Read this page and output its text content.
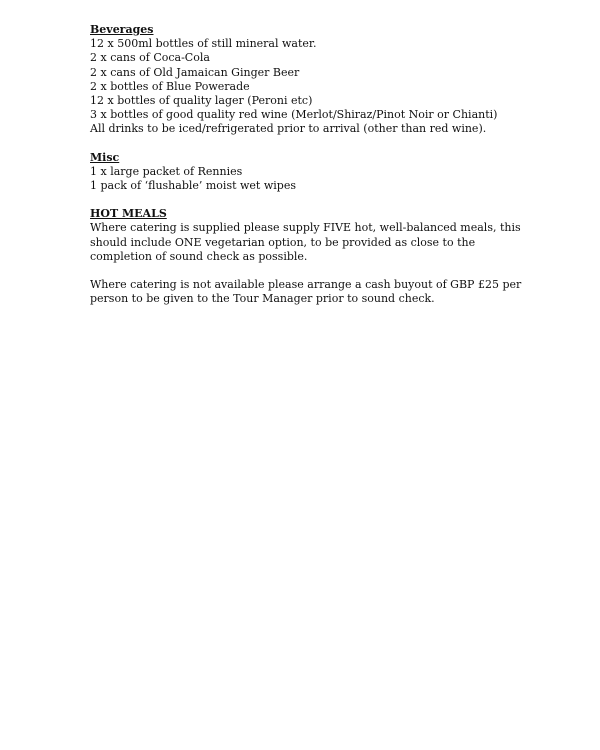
Beverages
12 x 500ml bottles of still mineral water.
2 x cans of Coca-Cola
2 x cans of Old Jamaican Ginger Beer
2 x bottles of Blue Powerade
12 x bottles of quality lager (Peroni etc)
3 x bottles of good quality red wine (Merlot/Shiraz/Pinot Noir or Chianti)
All drinks to be iced/refrigerated prior to arrival (other than red wine).
Misc
1 x large packet of Rennies
1 pack of ‘flushable’ moist wet wipes
HOT MEALS

Where catering is supplied please supply FIVE hot, well-balanced meals, this should include ONE vegetarian option, to be provided as close to the completion of sound check as possible.

Where catering is not available please arrange a cash buyout of GBP £25 per person to be given to the Tour Manager prior to sound check.
